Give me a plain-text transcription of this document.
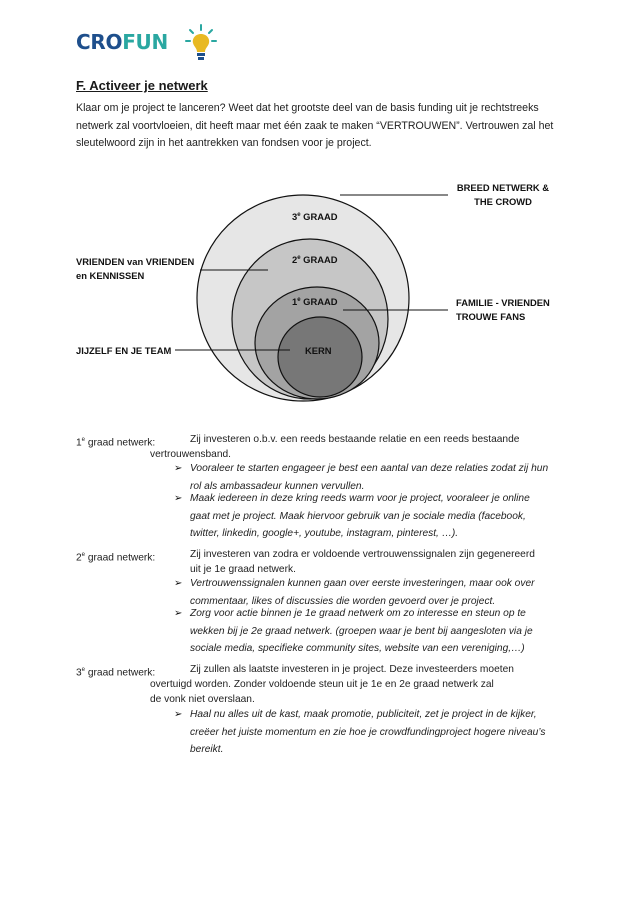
CROFUN
F. Activeer je netwerk
Klaar om je project te lanceren? Weet dat het grootste deel van de basis funding uit je rechtstreeks
netwerk zal voortvloeien, dit heeft maar met één zaak te maken “VERTROUWEN”. Vertrouwen zal het
sleutelwoord zijn in het aantrekken van fondsen voor je project.
3e GRAAD
2e GRAAD
1e GRAAD
KERN
BREED NETWERK &
THE CROWD
VRIENDEN van VRIENDEN
en KENNISSEN
FAMILIE - VRIENDEN
TROUWE FANS
JIJZELF EN JE TEAM
1e graad netwerk:	Zij investeren o.b.v. een reeds bestaande relatie en een reeds bestaande
vertrouwensband.
➢ Vooraleer te starten engageer je best een aantal van deze relaties zodat zij hun
rol als ambassadeur kunnen vervullen.
➢ Maak iedereen in deze kring reeds warm voor je project, vooraleer je online
gaat met je project. Maak hiervoor gebruik van je sociale media (facebook,
twitter, linkedin, google+, youtube, instagram, pinterest, …).
2e graad netwerk:	Zij investeren van zodra er voldoende vertrouwenssignalen zijn gegenereerd
uit je 1e graad netwerk.
➢ Vertrouwenssignalen kunnen gaan over eerste investeringen, maar ook over
commentaar, likes of discussies die worden gevoerd over je project.
➢ Zorg voor actie binnen je 1e graad netwerk om zo interesse en steun op te
wekken bij je 2e graad netwerk. (groepen waar je bent bij aangesloten via je
sociale media, specifieke community sites, website van een vereniging,…)
3e graad netwerk:	Zij zullen als laatste investeren in je project. Deze investeerders moeten
overtuigd worden. Zonder voldoende steun uit je 1e en 2e graad netwerk zal
de vonk niet overslaan.
➢ Haal nu alles uit de kast, maak promotie, publiciteit, zet je project in de kijker,
creëer het juiste momentum en zie hoe je crowdfundingproject hogere niveau’s
bereikt.
